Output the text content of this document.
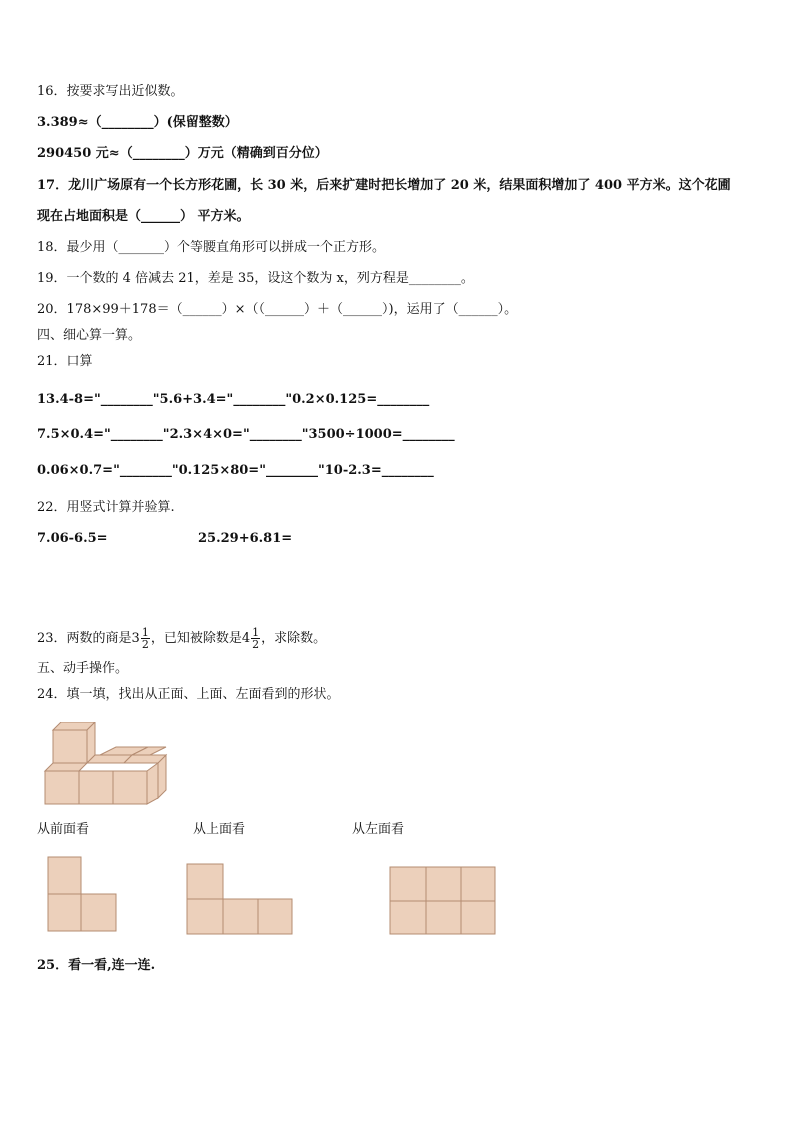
16．按要求写出近似数。
3.389≈（________）(保留整数）
290450 元≈（________）万元（精确到百分位）
17．龙川广场原有一个长方形花圃，长 30 米，后来扩建时把长增加了 20 米，结果面积增加了 400 平方米。这个花圃
现在占地面积是（______） 平方米。
18．最少用（_______）个等腰直角形可以拼成一个正方形。
19．一个数的 4 倍减去 21，差是 35，设这个数为 x，列方程是________。
20．178×99＋178＝（______）×（（______）＋（______）)，运用了（______）。
四、细心算一算。
21．口算
13.4-8="________"5.6+3.4="________"0.2×0.125=________
7.5×0.4="________"2.3×4×0="________"3500÷1000=________
0.06×0.7="________"0.125×80="________"10-2.3=________
22．用竖式计算并验算.
7.06-6.5=	25.29+6.81=
23．两数的商是$3 \frac{1}{2}$ ，已知被除数是$4 \frac{1}{2}$ ，求除数。
五、动手操作。
24．填一填，找出从正面、上面、左面看到的形状。
从前面看	从上面看	从左面看
25．看一看,连一连.
